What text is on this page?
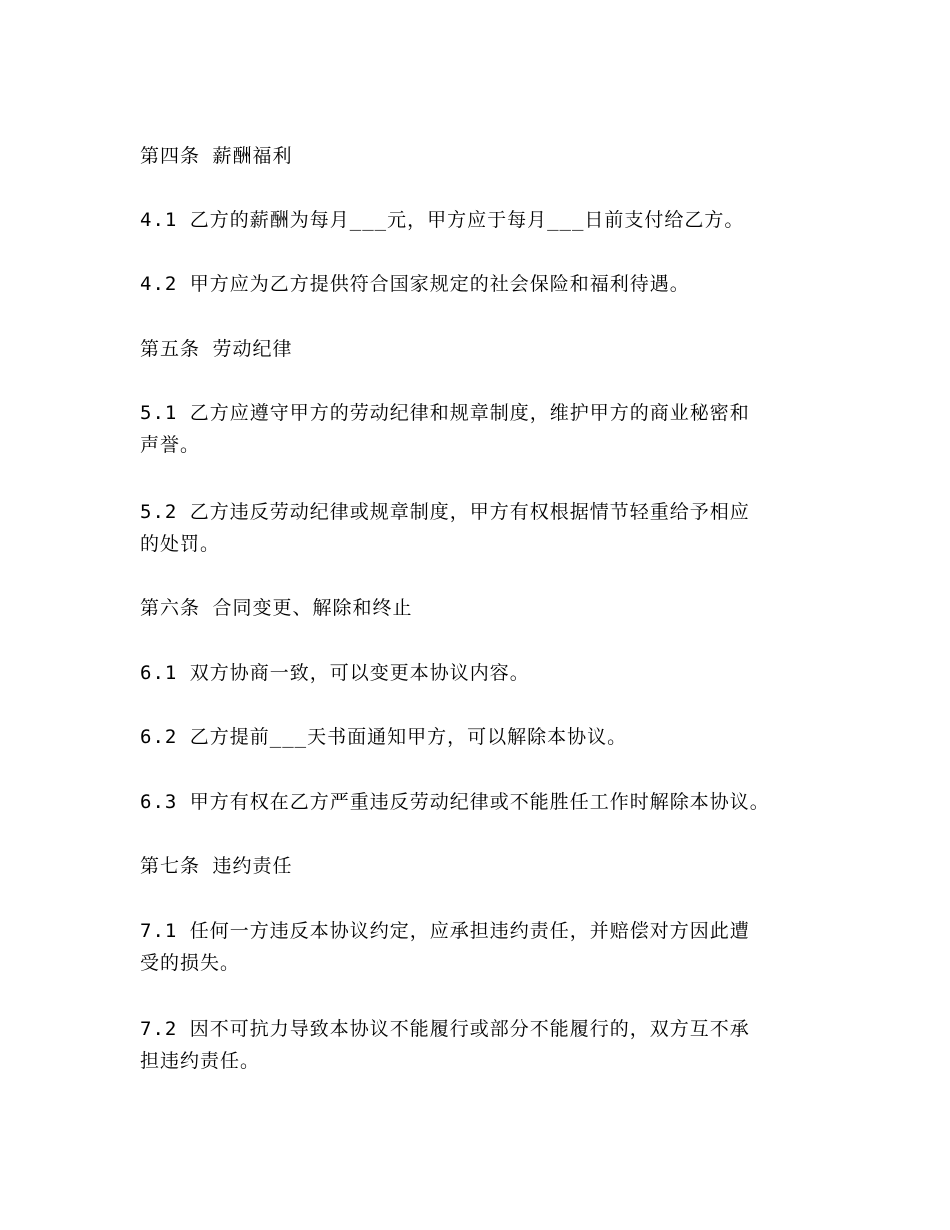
第四条 薪酬福利
4.1 乙方的薪酬为每月___元，甲方应于每月___日前支付给乙方。
4.2 甲方应为乙方提供符合国家规定的社会保险和福利待遇。
第五条 劳动纪律
5.1 乙方应遵守甲方的劳动纪律和规章制度，维护甲方的商业秘密和
声誉。
5.2 乙方违反劳动纪律或规章制度，甲方有权根据情节轻重给予相应
的处罚。
第六条 合同变更、解除和终止
6.1 双方协商一致，可以变更本协议内容。
6.2 乙方提前___天书面通知甲方，可以解除本协议。
6.3 甲方有权在乙方严重违反劳动纪律或不能胜任工作时解除本协议。
第七条 违约责任
7.1 任何一方违反本协议约定，应承担违约责任，并赔偿对方因此遭
受的损失。
7.2 因不可抗力导致本协议不能履行或部分不能履行的，双方互不承
担违约责任。
